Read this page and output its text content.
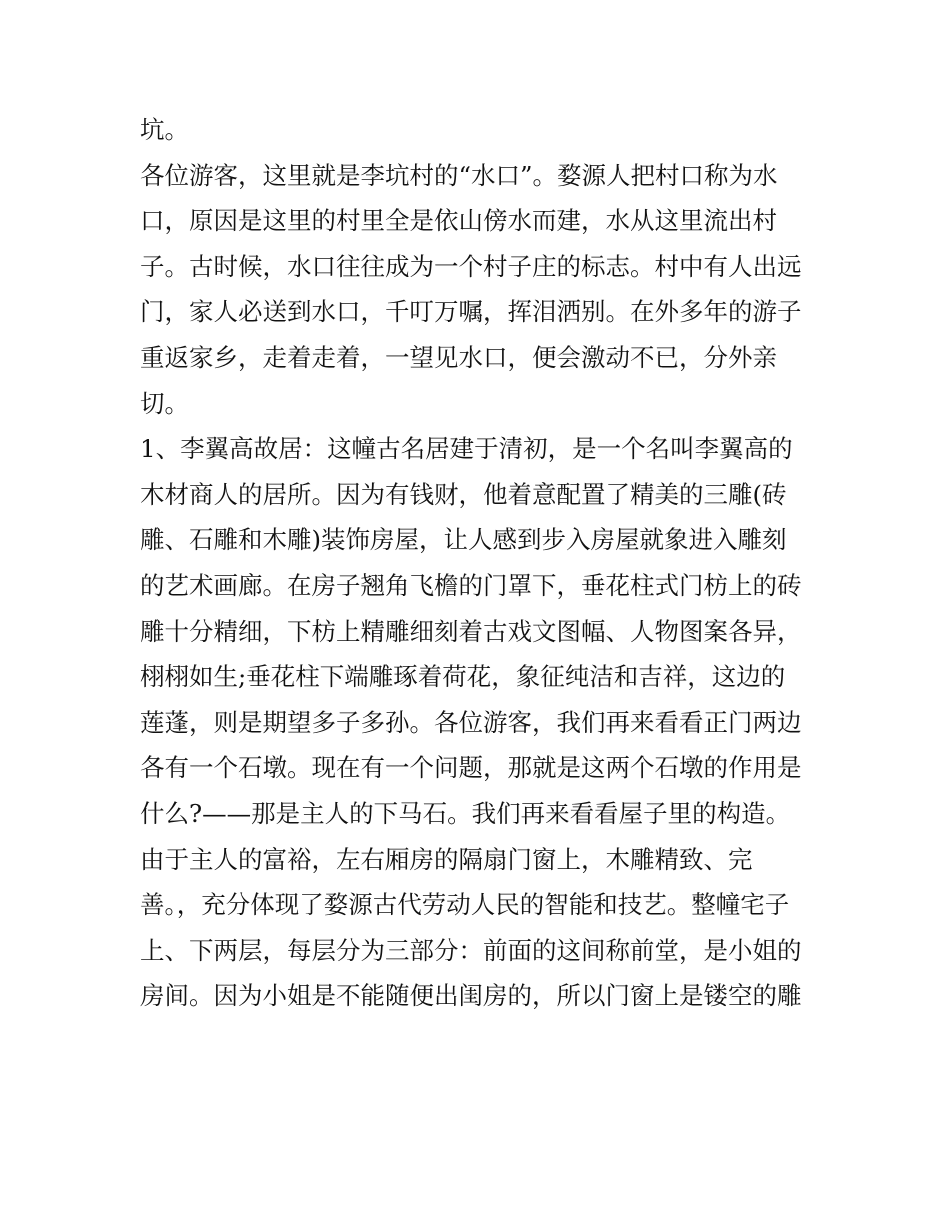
坑。
各位游客，这里就是李坑村的“水口”。婺源人把村口称为水
口，原因是这里的村里全是依山傍水而建，水从这里流出村
子。古时候，水口往往成为一个村子庄的标志。村中有人出远
门，家人必送到水口，千叮万嘱，挥泪洒别。在外多年的游子
重返家乡，走着走着，一望见水口，便会激动不已，分外亲
切。
1、李翼高故居：这幢古名居建于清初，是一个名叫李翼高的
木材商人的居所。因为有钱财，他着意配置了精美的三雕(砖
雕、石雕和木雕)装饰房屋，让人感到步入房屋就象进入雕刻
的艺术画廊。在房子翘角飞檐的门罩下，垂花柱式门枋上的砖
雕十分精细，下枋上精雕细刻着古戏文图幅、人物图案各异，
栩栩如生;垂花柱下端雕琢着荷花，象征纯洁和吉祥，这边的
莲蓬，则是期望多子多孙。各位游客，我们再来看看正门两边
各有一个石墩。现在有一个问题，那就是这两个石墩的作用是
什么?——那是主人的下马石。我们再来看看屋子里的构造。
由于主人的富裕，左右厢房的隔扇门窗上，木雕精致、完
善。，充分体现了婺源古代劳动人民的智能和技艺。整幢宅子
上、下两层，每层分为三部分：前面的这间称前堂，是小姐的
房间。因为小姐是不能随便出闺房的，所以门窗上是镂空的雕
